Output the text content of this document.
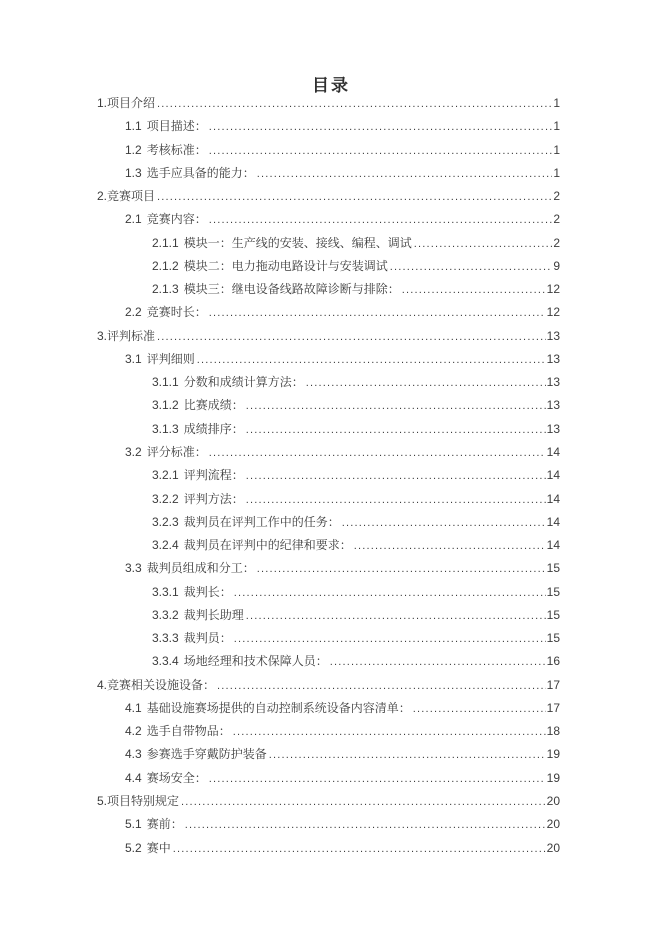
目录
1. 项目介绍 .....	1
1.1 项目描述： .....	1
1.2 考核标准： .....	1
1.3 选手应具备的能力： .....	1
2. 竞赛项目 .....	2
2.1 竞赛内容： .....	2
2.1.1 模块一：生产线的安装、接线、编程、调试 .....	2
2.1.2 模块二：电力拖动电路设计与安装调试 .....	9
2.1.3 模块三：继电设备线路故障诊断与排除： .....	12
2.2 竞赛时长： .....	12
3. 评判标准 .....	13
3.1 评判细则 .....	13
3.1.1 分数和成绩计算方法： .....	13
3.1.2 比赛成绩： .....	13
3.1.3 成绩排序： .....	13
3.2 评分标准： .....	14
3.2.1 评判流程： .....	14
3.2.2 评判方法： .....	14
3.2.3 裁判员在评判工作中的任务： .....	14
3.2.4 裁判员在评判中的纪律和要求： .....	14
3.3 裁判员组成和分工： .....	15
3.3.1 裁判长： .....	15
3.3.2 裁判长助理 .....	15
3.3.3 裁判员： .....	15
3.3.4 场地经理和技术保障人员： .....	16
4. 竞赛相关设施设备： .....	17
4.1 基础设施赛场提供的自动控制系统设备内容清单： .....	17
4.2 选手自带物品： .....	18
4.3 参赛选手穿戴防护装备 .....	19
4.4 赛场安全： .....	19
5. 项目特别规定 .....	20
5.1 赛前： .....	20
5.2 赛中 .....	20
